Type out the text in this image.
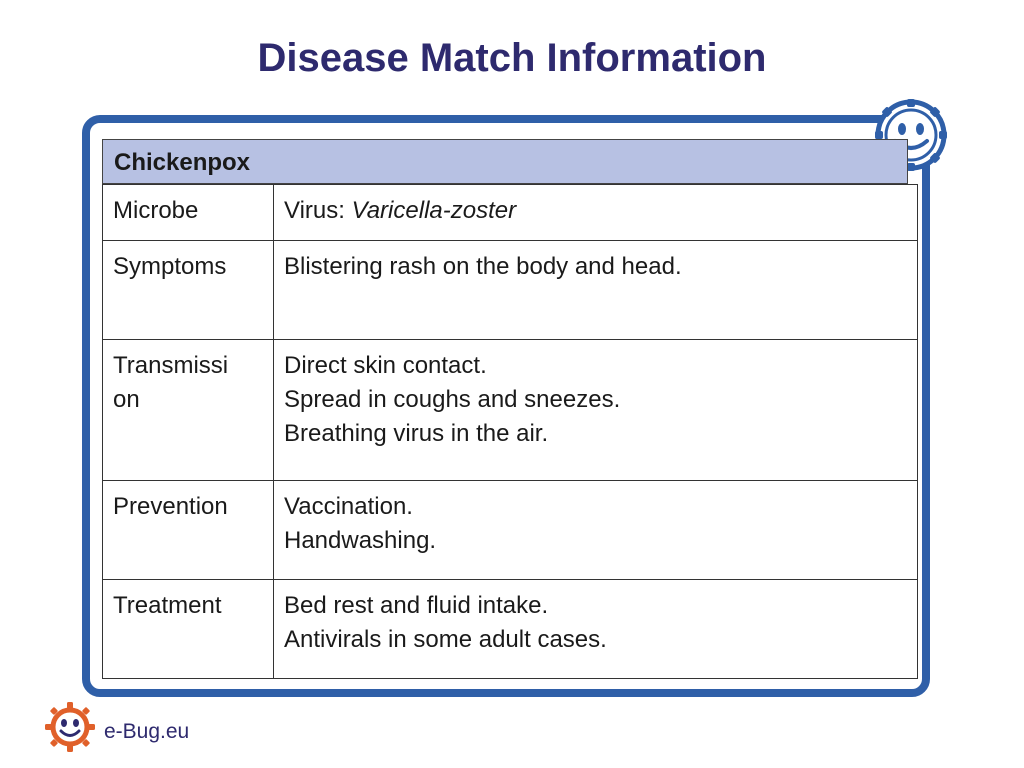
Disease Match Information
Chickenpox
Microbe	Virus: Varicella-zoster
Symptoms	Blistering rash on the body and head.

Transmissi
on	Direct skin contact.
Spread in coughs and sneezes.
Breathing virus in the air.

Prevention	Vaccination.
Handwashing.

Treatment	Bed rest and fluid intake.
Antivirals in some adult cases.
e-Bug.eu
